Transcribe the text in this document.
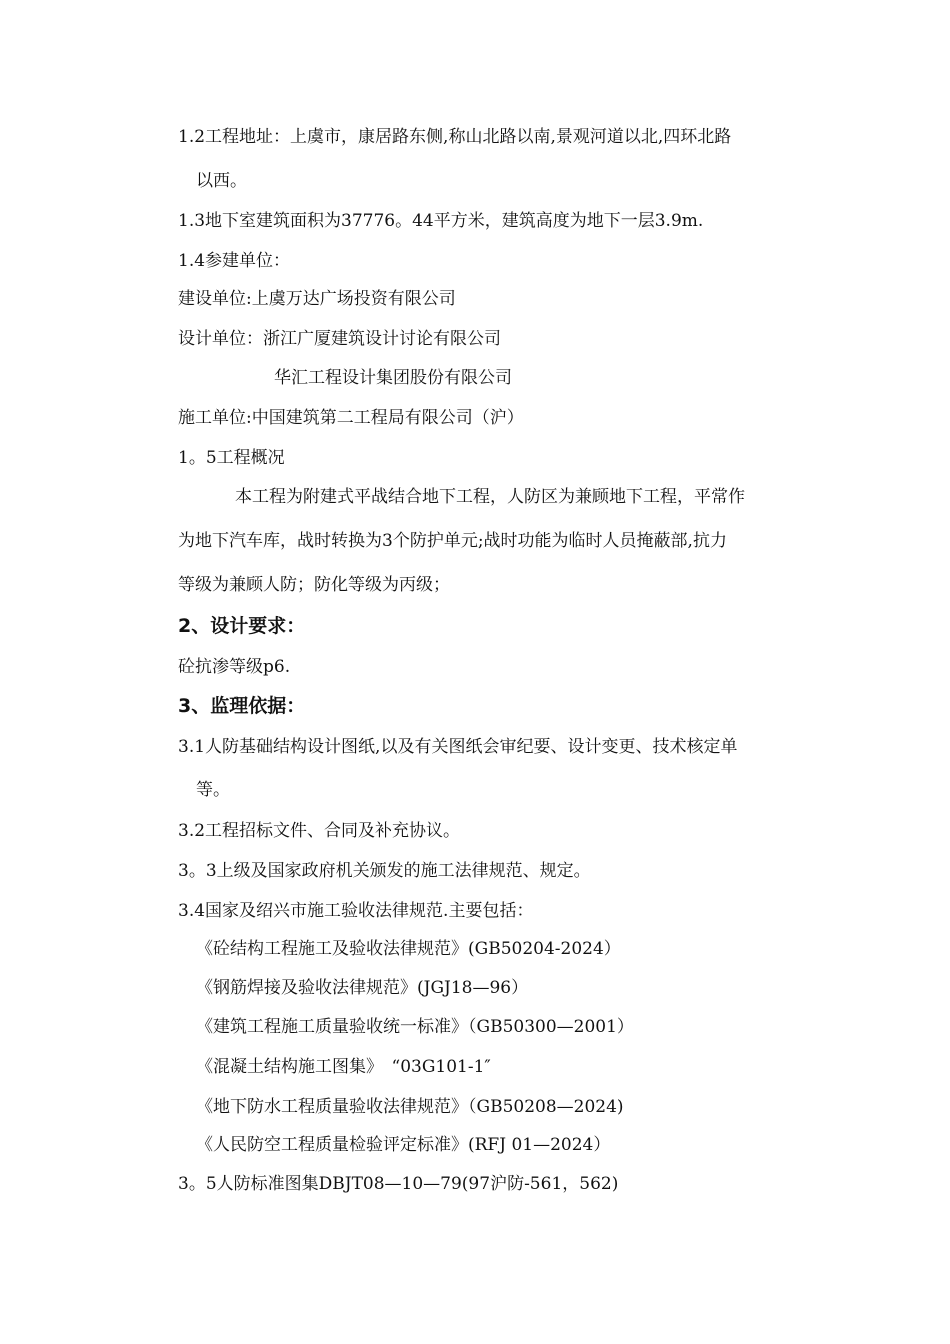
1.2工程地址：上虞市，康居路东侧,称山北路以南,景观河道以北,四环北路
以西。
1.3地下室建筑面积为37776。44平方米，建筑高度为地下一层3.9m.
1.4参建单位：
建设单位:上虞万达广场投资有限公司
设计单位：浙江广厦建筑设计讨论有限公司
华汇工程设计集团股份有限公司
施工单位:中国建筑第二工程局有限公司（沪）
1。5工程概况
本工程为附建式平战结合地下工程，人防区为兼顾地下工程，平常作
为地下汽车库，战时转换为3个防护单元;战时功能为临时人员掩蔽部,抗力
等级为兼顾人防；防化等级为丙级；
2、设计要求：
砼抗渗等级p6.
3、监理依据：
3.1人防基础结构设计图纸,以及有关图纸会审纪要、设计变更、技术核定单
等。
3.2工程招标文件、合同及补充协议。
3。3上级及国家政府机关颁发的施工法律规范、规定。
3.4国家及绍兴市施工验收法律规范.主要包括：
《砼结构工程施工及验收法律规范》(GB50204-2024）
《钢筋焊接及验收法律规范》(JGJ18—96）
《建筑工程施工质量验收统一标准》（GB50300—2001）
《混凝土结构施工图集》　“03G101-1″
《地下防水工程质量验收法律规范》（GB50208—2024)
《人民防空工程质量检验评定标准》(RFJ 01—2024）
3。5人防标准图集DBJT08—10—79(97沪防-561，562)
